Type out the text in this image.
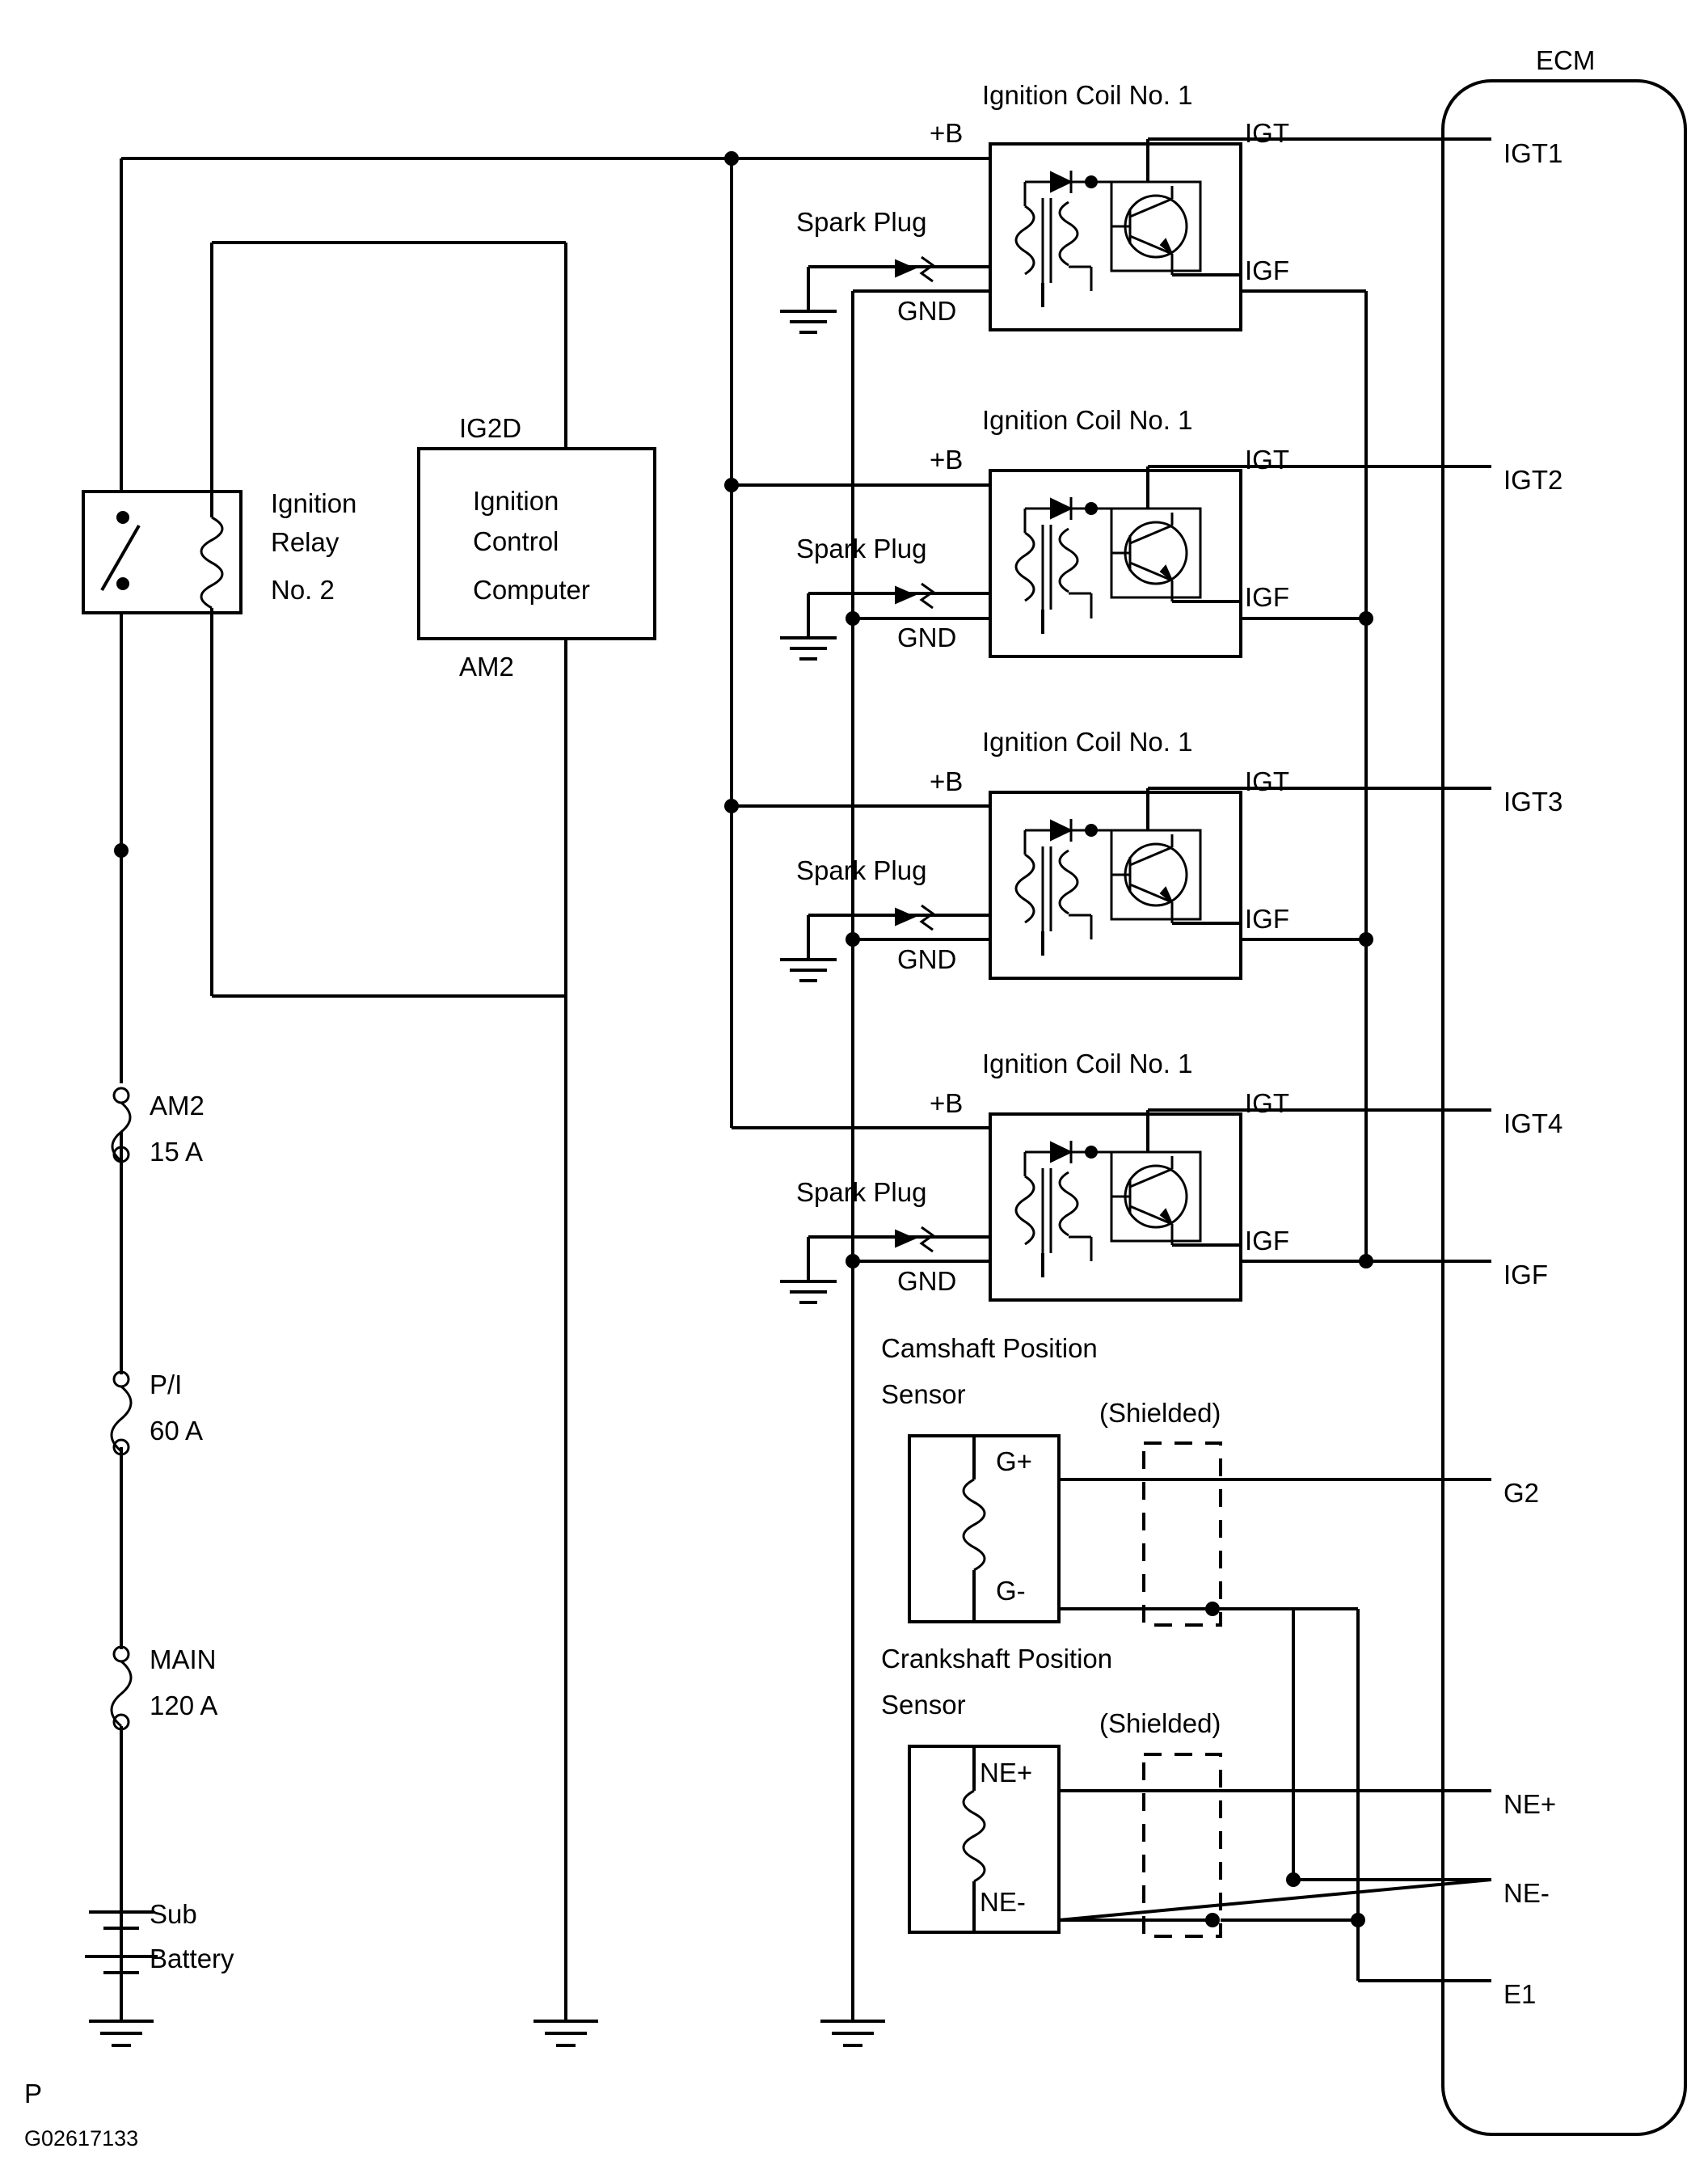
ECM
IGT1
IGT2
IGT3
IGT4
IGF
G2
NE+
NE-
E1
Ignition
Relay
No. 2
IG2D
AM2
Ignition
Control
Computer
AM2
15 A
P/I
60 A
MAIN
120 A
Sub
Battery
Ignition Coil No. 1
+B	IGT
IGF
GND
Spark Plug
Ignition Coil No. 1
+B	IGT
IGF
GND
Spark Plug
Ignition Coil No. 1
+B	IGT
IGF
GND
Spark Plug
Ignition Coil No. 1
+B	IGT
IGF
GND
Spark Plug
Camshaft Position
Sensor
(Shielded)
G+
G-
Crankshaft Position
Sensor
(Shielded)
NE+
NE-
P
G02617133
